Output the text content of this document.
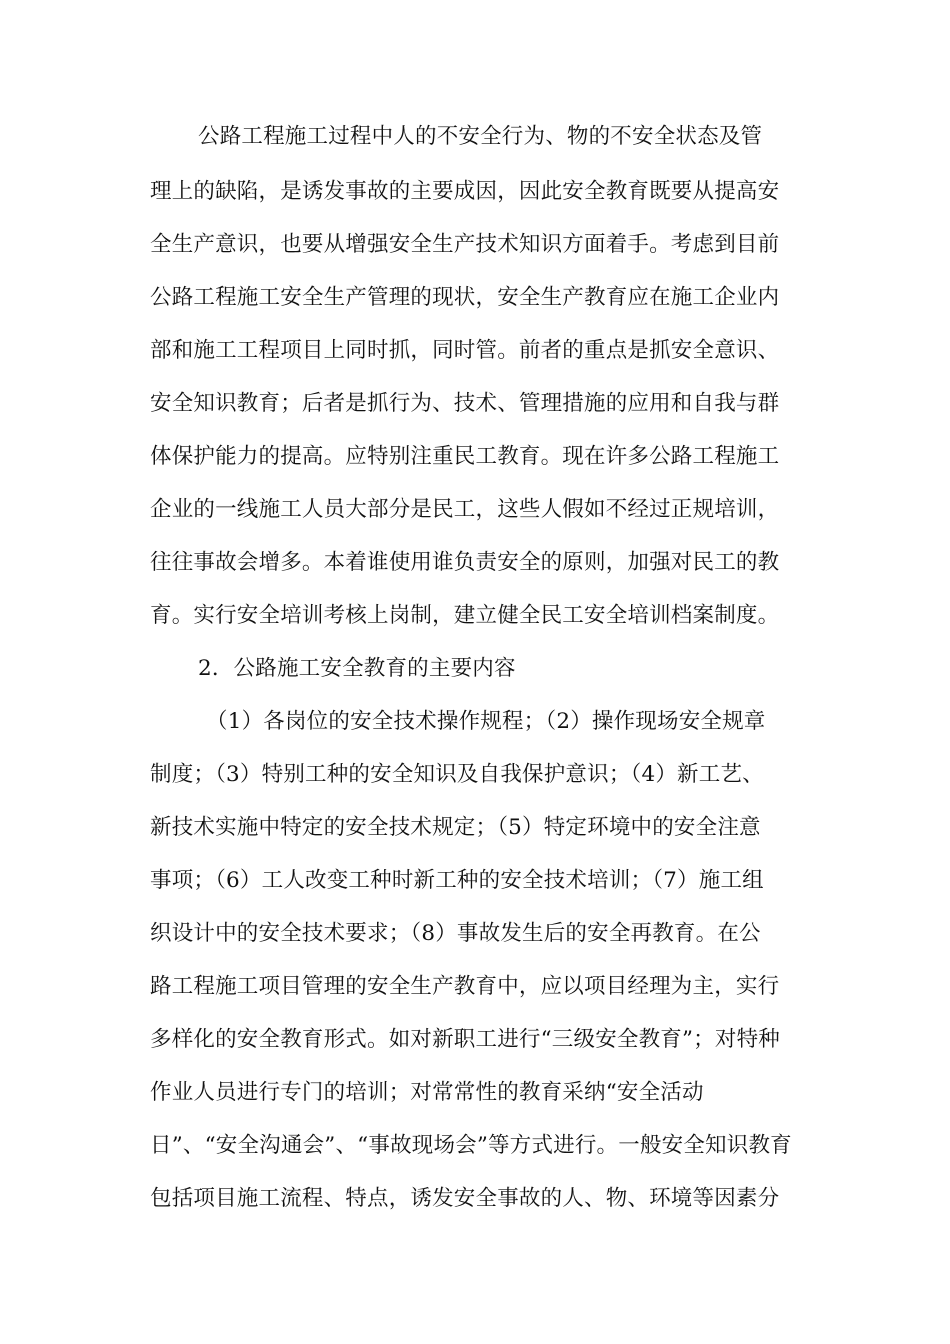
公路工程施工过程中人的不安全行为、物的不安全状态及管
理上的缺陷，是诱发事故的主要成因，因此安全教育既要从提高安
全生产意识，也要从增强安全生产技术知识方面着手。考虑到目前
公路工程施工安全生产管理的现状，安全生产教育应在施工企业内
部和施工工程项目上同时抓，同时管。前者的重点是抓安全意识、
安全知识教育；后者是抓行为、技术、管理措施的应用和自我与群
体保护能力的提高。应特别注重民工教育。现在许多公路工程施工
企业的一线施工人员大部分是民工，这些人假如不经过正规培训，
往往事故会增多。本着谁使用谁负责安全的原则，加强对民工的教
育。实行安全培训考核上岗制，建立健全民工安全培训档案制度。
2．公路施工安全教育的主要内容
（1）各岗位的安全技术操作规程；（2）操作现场安全规章
制度；（3）特别工种的安全知识及自我保护意识；（4）新工艺、
新技术实施中特定的安全技术规定；（5）特定环境中的安全注意
事项；（6）工人改变工种时新工种的安全技术培训；（7）施工组
织设计中的安全技术要求；（8）事故发生后的安全再教育。在公
路工程施工项目管理的安全生产教育中，应以项目经理为主，实行
多样化的安全教育形式。如对新职工进行“三级安全教育”；对特种
作业人员进行专门的培训；对常常性的教育采纳“安全活动
日”、“安全沟通会”、“事故现场会”等方式进行。一般安全知识教育
包括项目施工流程、特点，诱发安全事故的人、物、环境等因素分
